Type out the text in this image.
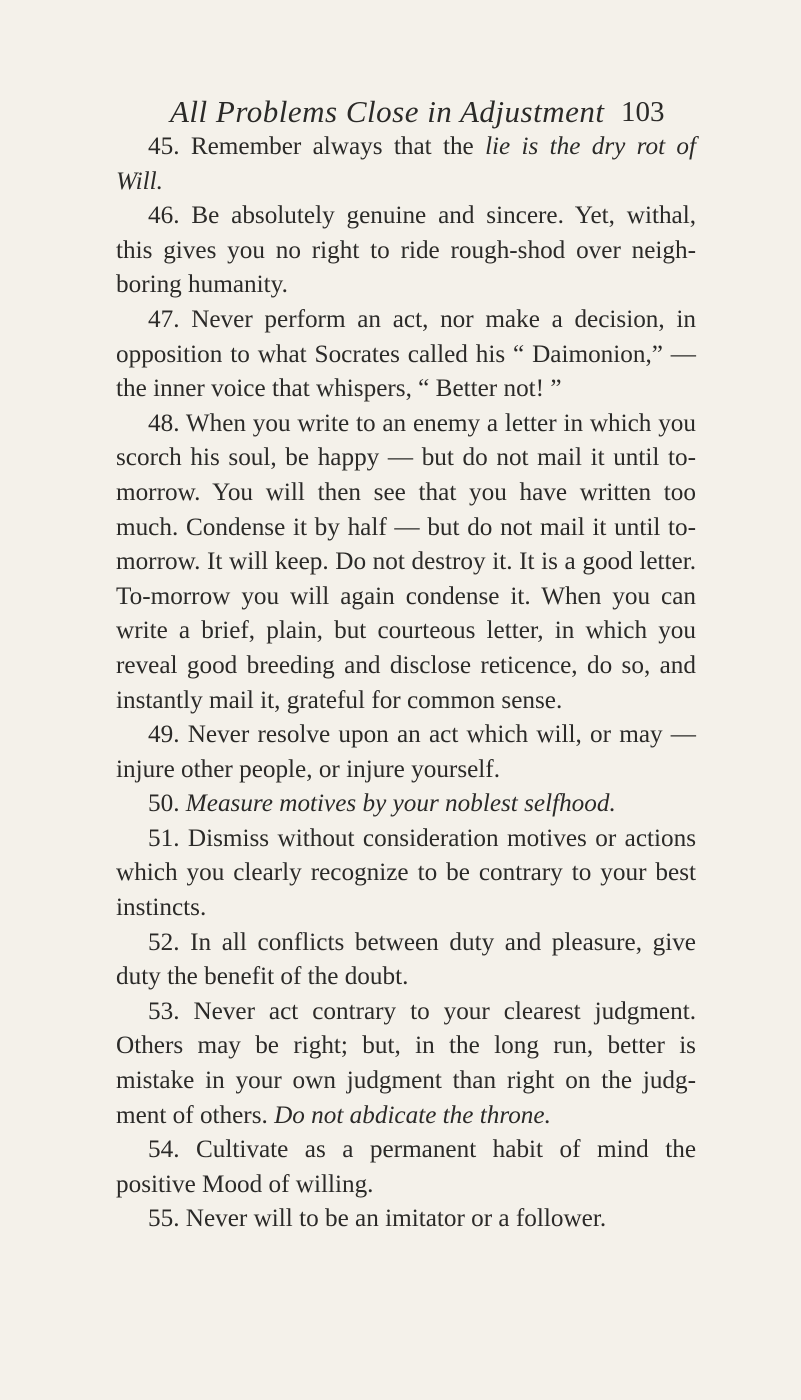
All Problems Close in Adjustment 103

45. Remember always that the lie is the dry rot of Will.

46. Be absolutely genuine and sincere. Yet, withal, this gives you no right to ride rough-shod over neigh-boring humanity.

47. Never perform an act, nor make a decision, in opposition to what Socrates called his “ Daimonion,” — the inner voice that whispers, “ Better not! ”

48. When you write to an enemy a letter in which you scorch his soul, be happy — but do not mail it until to-morrow. You will then see that you have written too much. Condense it by half — but do not mail it until to-morrow. It will keep. Do not destroy it. It is a good letter. To-morrow you will again condense it. When you can write a brief, plain, but courteous letter, in which you reveal good breeding and disclose reticence, do so, and instantly mail it, grateful for common sense.

49. Never resolve upon an act which will, or may — injure other people, or injure yourself.

50. Measure motives by your noblest selfhood.

51. Dismiss without consideration motives or actions which you clearly recognize to be contrary to your best instincts.

52. In all conflicts between duty and pleasure, give duty the benefit of the doubt.

53. Never act contrary to your clearest judgment. Others may be right; but, in the long run, better is mistake in your own judgment than right on the judg-ment of others. Do not abdicate the throne.

54. Cultivate as a permanent habit of mind the positive Mood of willing.

55. Never will to be an imitator or a follower.
